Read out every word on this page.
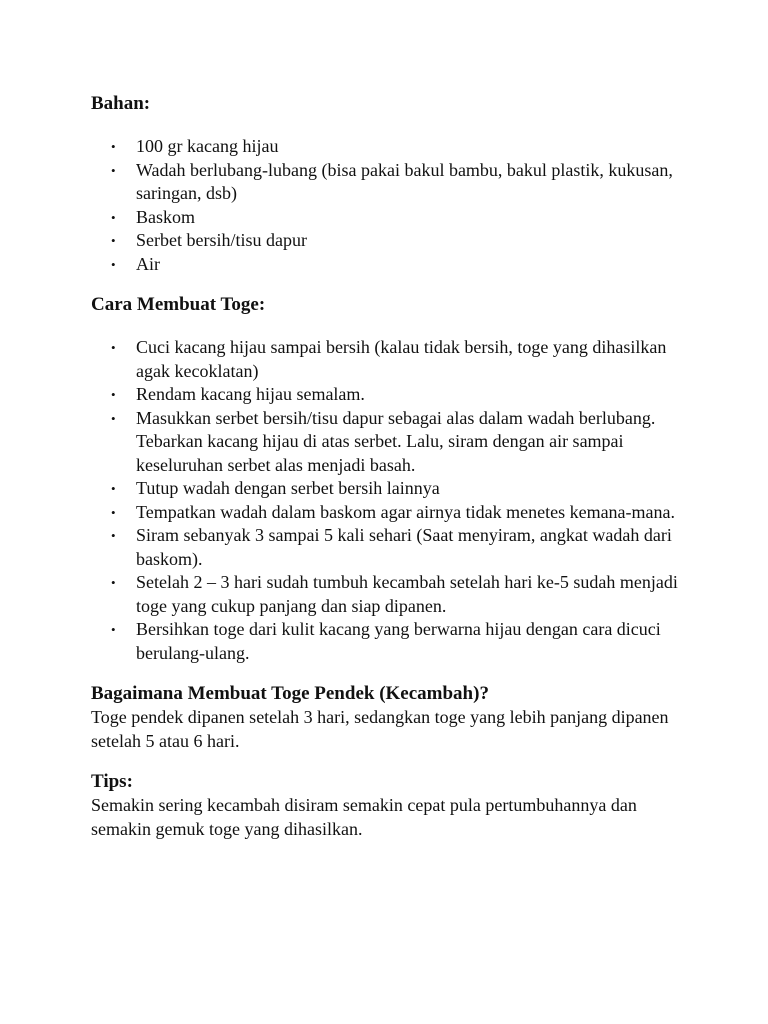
Bahan:
• 100 gr kacang hijau
• Wadah berlubang-lubang (bisa pakai bakul bambu, bakul plastik, kukusan, saringan, dsb)
• Baskom
• Serbet bersih/tisu dapur
• Air
Cara Membuat Toge:
• Cuci kacang hijau sampai bersih (kalau tidak bersih, toge yang dihasilkan agak kecoklatan)
• Rendam kacang hijau semalam.
• Masukkan serbet bersih/tisu dapur sebagai alas dalam wadah berlubang. Tebarkan kacang hijau di atas serbet. Lalu, siram dengan air sampai keseluruhan serbet alas menjadi basah.
• Tutup wadah dengan serbet bersih lainnya
• Tempatkan wadah dalam baskom agar airnya tidak menetes kemana-mana.
• Siram sebanyak 3 sampai 5 kali sehari (Saat menyiram, angkat wadah dari baskom).
• Setelah 2 – 3 hari sudah tumbuh kecambah setelah hari ke-5 sudah menjadi toge yang cukup panjang dan siap dipanen.
• Bersihkan toge dari kulit kacang yang berwarna hijau dengan cara dicuci berulang-ulang.
Bagaimana Membuat Toge Pendek (Kecambah)?

Toge pendek dipanen setelah 3 hari, sedangkan toge yang lebih panjang dipanen setelah 5 atau 6 hari.

Tips:

Semakin sering kecambah disiram semakin cepat pula pertumbuhannya dan semakin gemuk toge yang dihasilkan.
